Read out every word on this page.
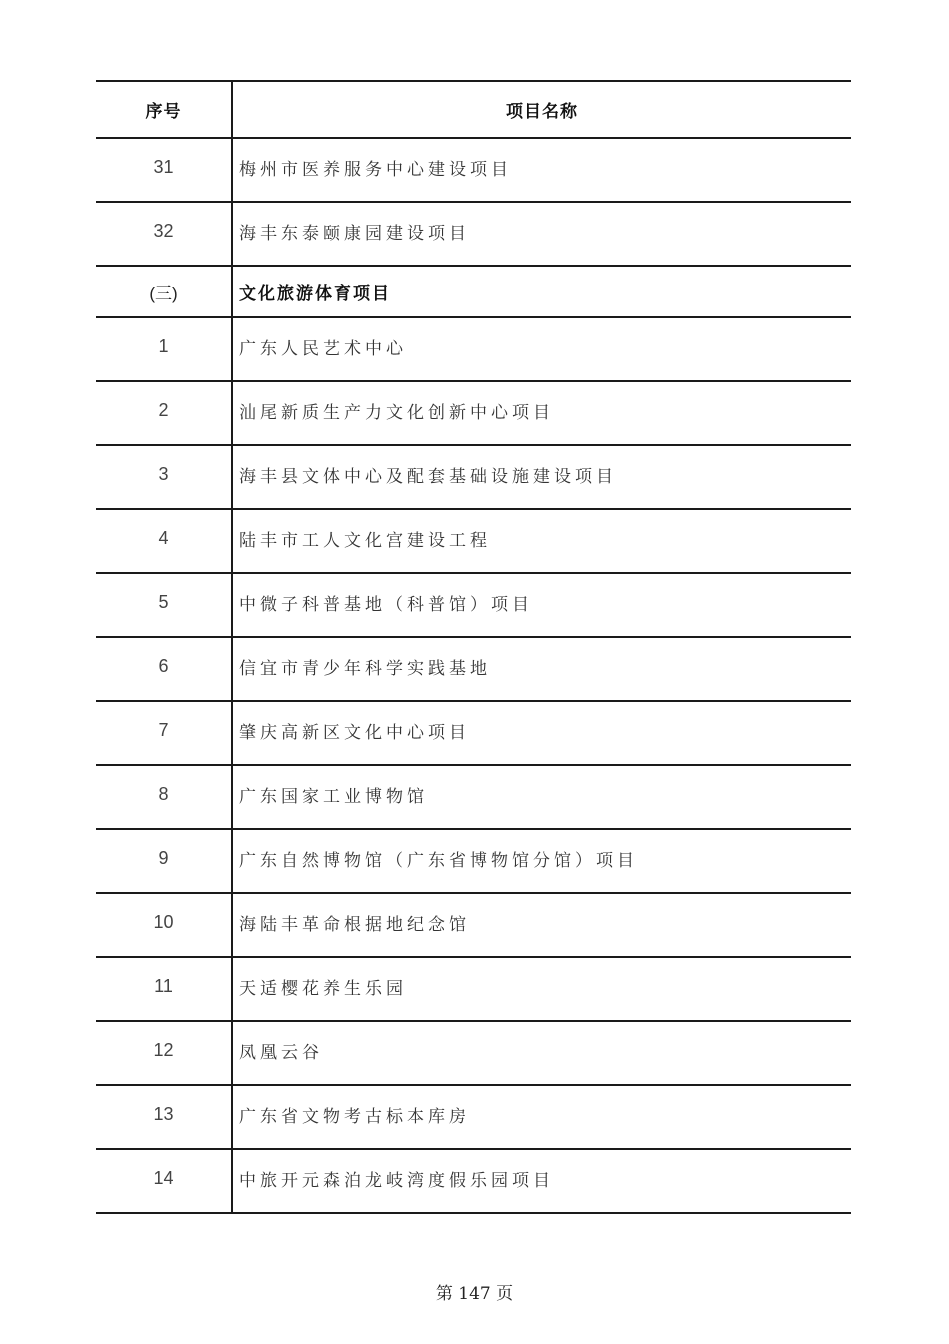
序号	项目名称
31	梅州市医养服务中心建设项目
32	海丰东泰颐康园建设项目
(三)	文化旅游体育项目
1	广东人民艺术中心
2	汕尾新质生产力文化创新中心项目
3	海丰县文体中心及配套基础设施建设项目
4	陆丰市工人文化宫建设工程
5	中微子科普基地（科普馆）项目
6	信宜市青少年科学实践基地
7	肇庆高新区文化中心项目
8	广东国家工业博物馆
9	广东自然博物馆（广东省博物馆分馆）项目
10	海陆丰革命根据地纪念馆
11	天适樱花养生乐园
12	凤凰云谷
13	广东省文物考古标本库房
14	中旅开元森泊龙岐湾度假乐园项目
第 147 页
